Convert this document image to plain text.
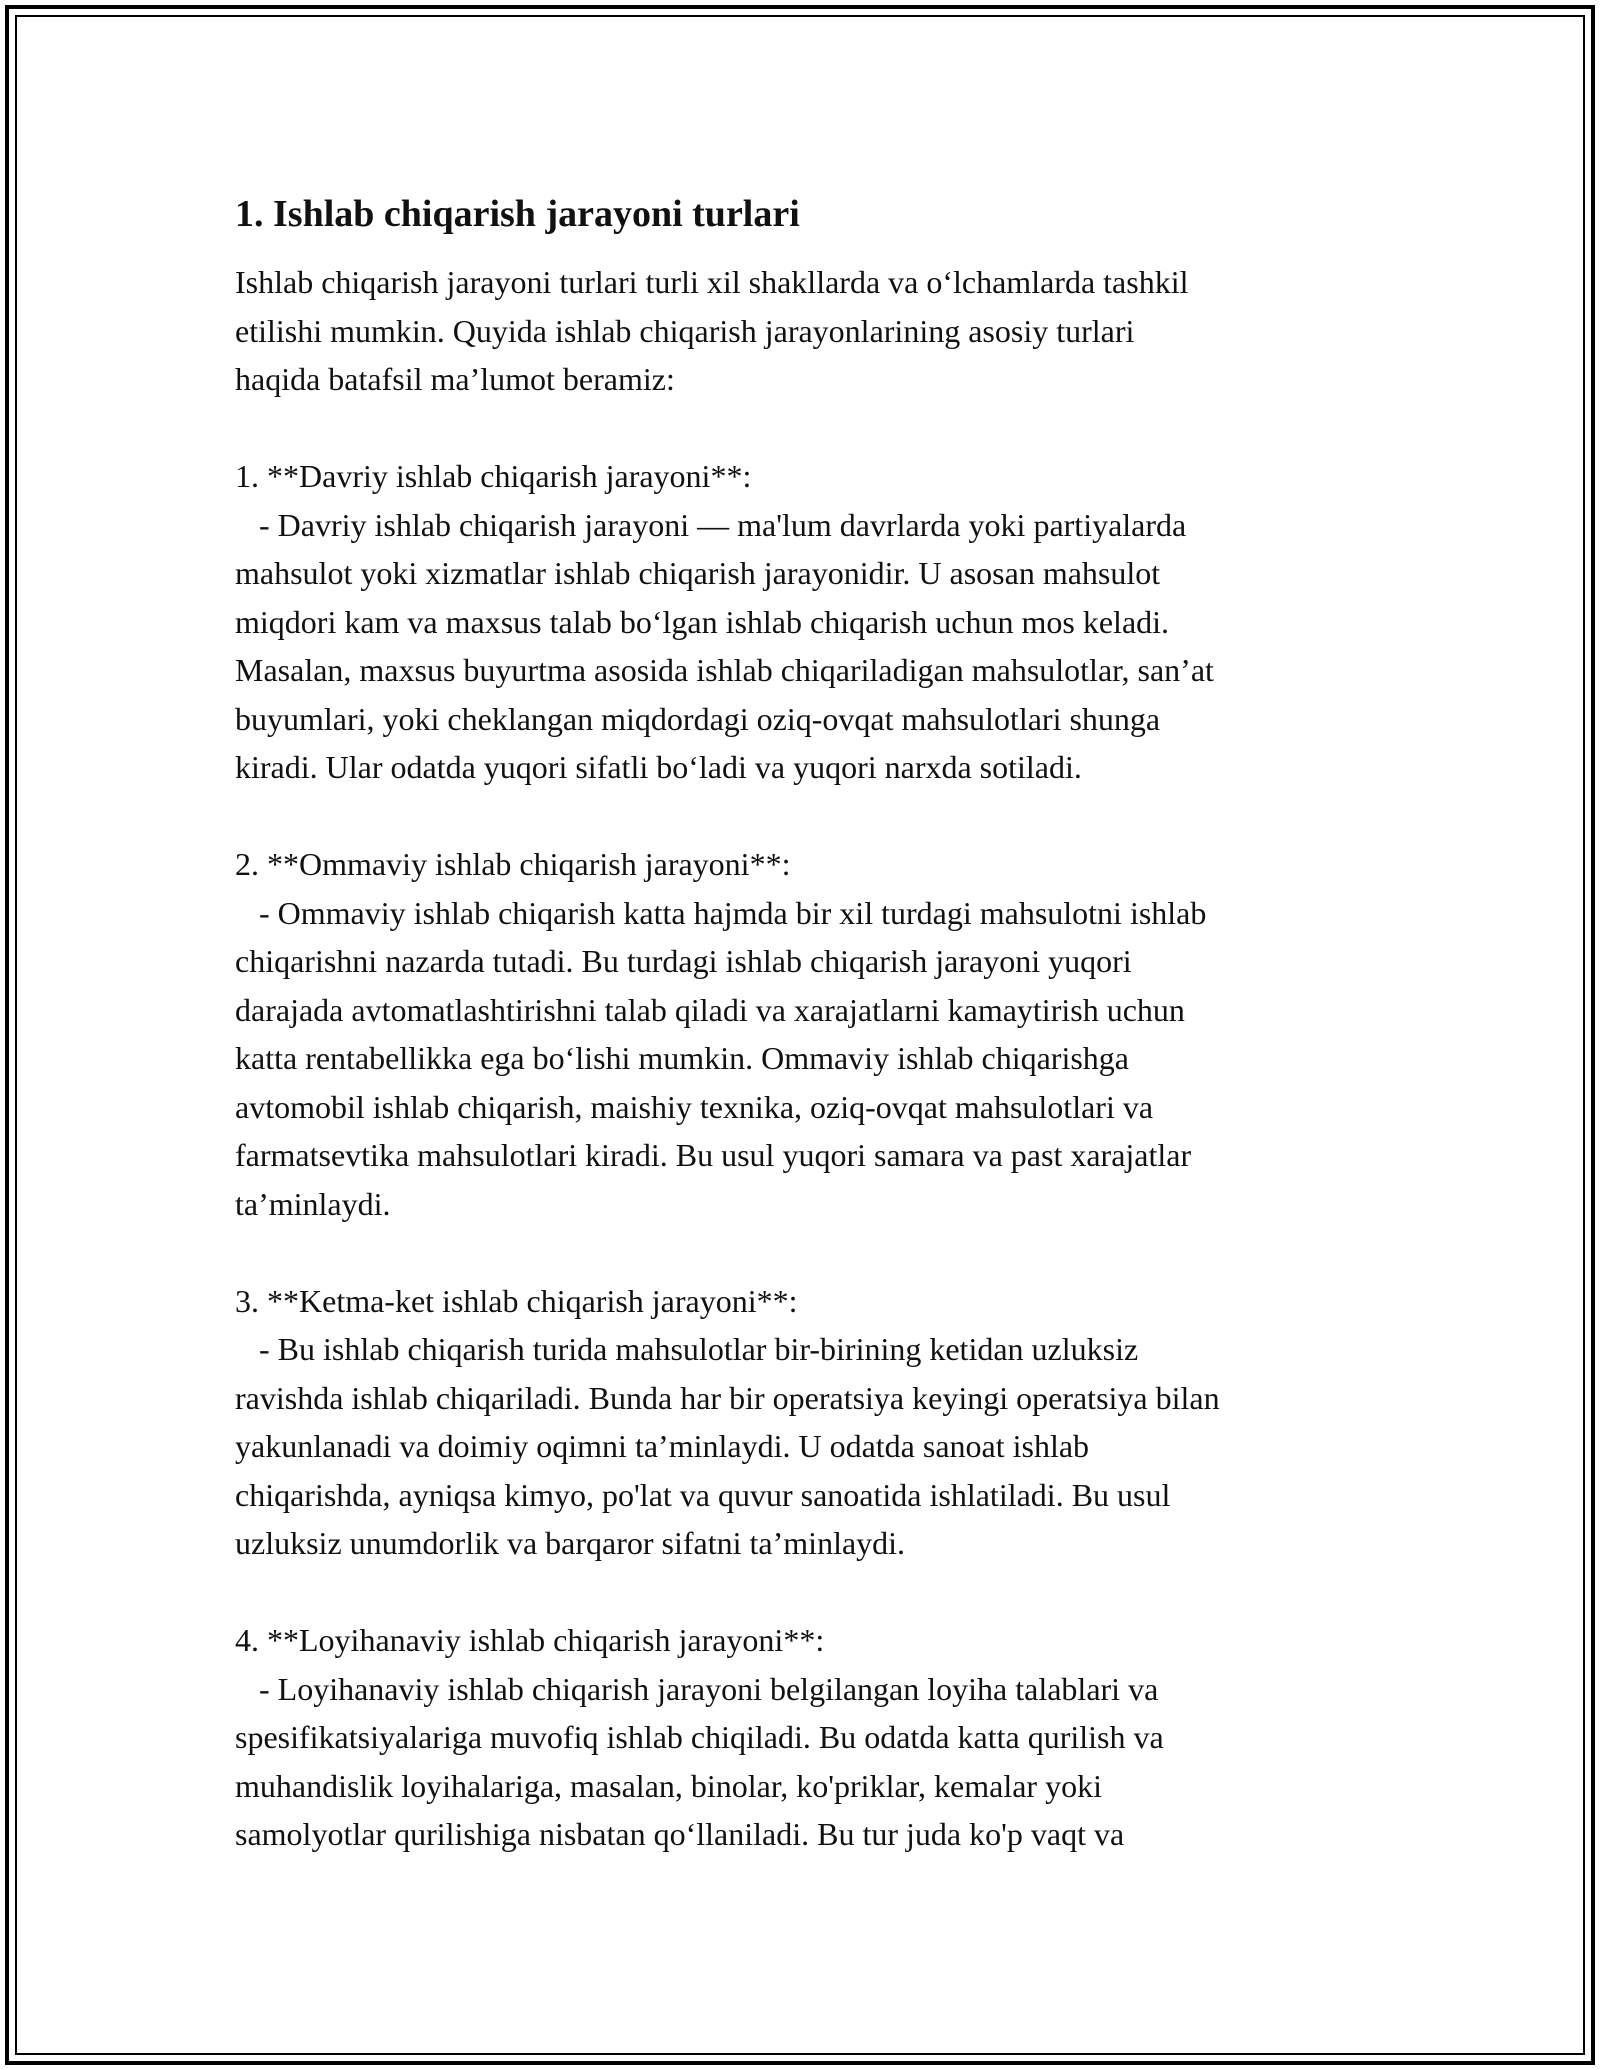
1. Ishlab chiqarish jarayoni turlari
Ishlab chiqarish jarayoni turlari turli xil shakllarda va o‘lchamlarda tashkil
etilishi mumkin. Quyida ishlab chiqarish jarayonlarining asosiy turlari
haqida batafsil ma’lumot beramiz:
1. **Davriy ishlab chiqarish jarayoni**:
- Davriy ishlab chiqarish jarayoni — ma'lum davrlarda yoki partiyalarda
mahsulot yoki xizmatlar ishlab chiqarish jarayonidir. U asosan mahsulot
miqdori kam va maxsus talab bo‘lgan ishlab chiqarish uchun mos keladi.
Masalan, maxsus buyurtma asosida ishlab chiqariladigan mahsulotlar, san’at
buyumlari, yoki cheklangan miqdordagi oziq-ovqat mahsulotlari shunga
kiradi. Ular odatda yuqori sifatli bo‘ladi va yuqori narxda sotiladi.
2. **Ommaviy ishlab chiqarish jarayoni**:
- Ommaviy ishlab chiqarish katta hajmda bir xil turdagi mahsulotni ishlab
chiqarishni nazarda tutadi. Bu turdagi ishlab chiqarish jarayoni yuqori
darajada avtomatlashtirishni talab qiladi va xarajatlarni kamaytirish uchun
katta rentabellikka ega bo‘lishi mumkin. Ommaviy ishlab chiqarishga
avtomobil ishlab chiqarish, maishiy texnika, oziq-ovqat mahsulotlari va
farmatsevtika mahsulotlari kiradi. Bu usul yuqori samara va past xarajatlar
ta’minlaydi.
3. **Ketma-ket ishlab chiqarish jarayoni**:
- Bu ishlab chiqarish turida mahsulotlar bir-birining ketidan uzluksiz
ravishda ishlab chiqariladi. Bunda har bir operatsiya keyingi operatsiya bilan
yakunlanadi va doimiy oqimni ta’minlaydi. U odatda sanoat ishlab
chiqarishda, ayniqsa kimyo, po'lat va quvur sanoatida ishlatiladi. Bu usul
uzluksiz unumdorlik va barqaror sifatni ta’minlaydi.
4. **Loyihanaviy ishlab chiqarish jarayoni**:
- Loyihanaviy ishlab chiqarish jarayoni belgilangan loyiha talablari va
spesifikatsiyalariga muvofiq ishlab chiqiladi. Bu odatda katta qurilish va
muhandislik loyihalariga, masalan, binolar, ko'priklar, kemalar yoki
samolyotlar qurilishiga nisbatan qo‘llaniladi. Bu tur juda ko'p vaqt va
